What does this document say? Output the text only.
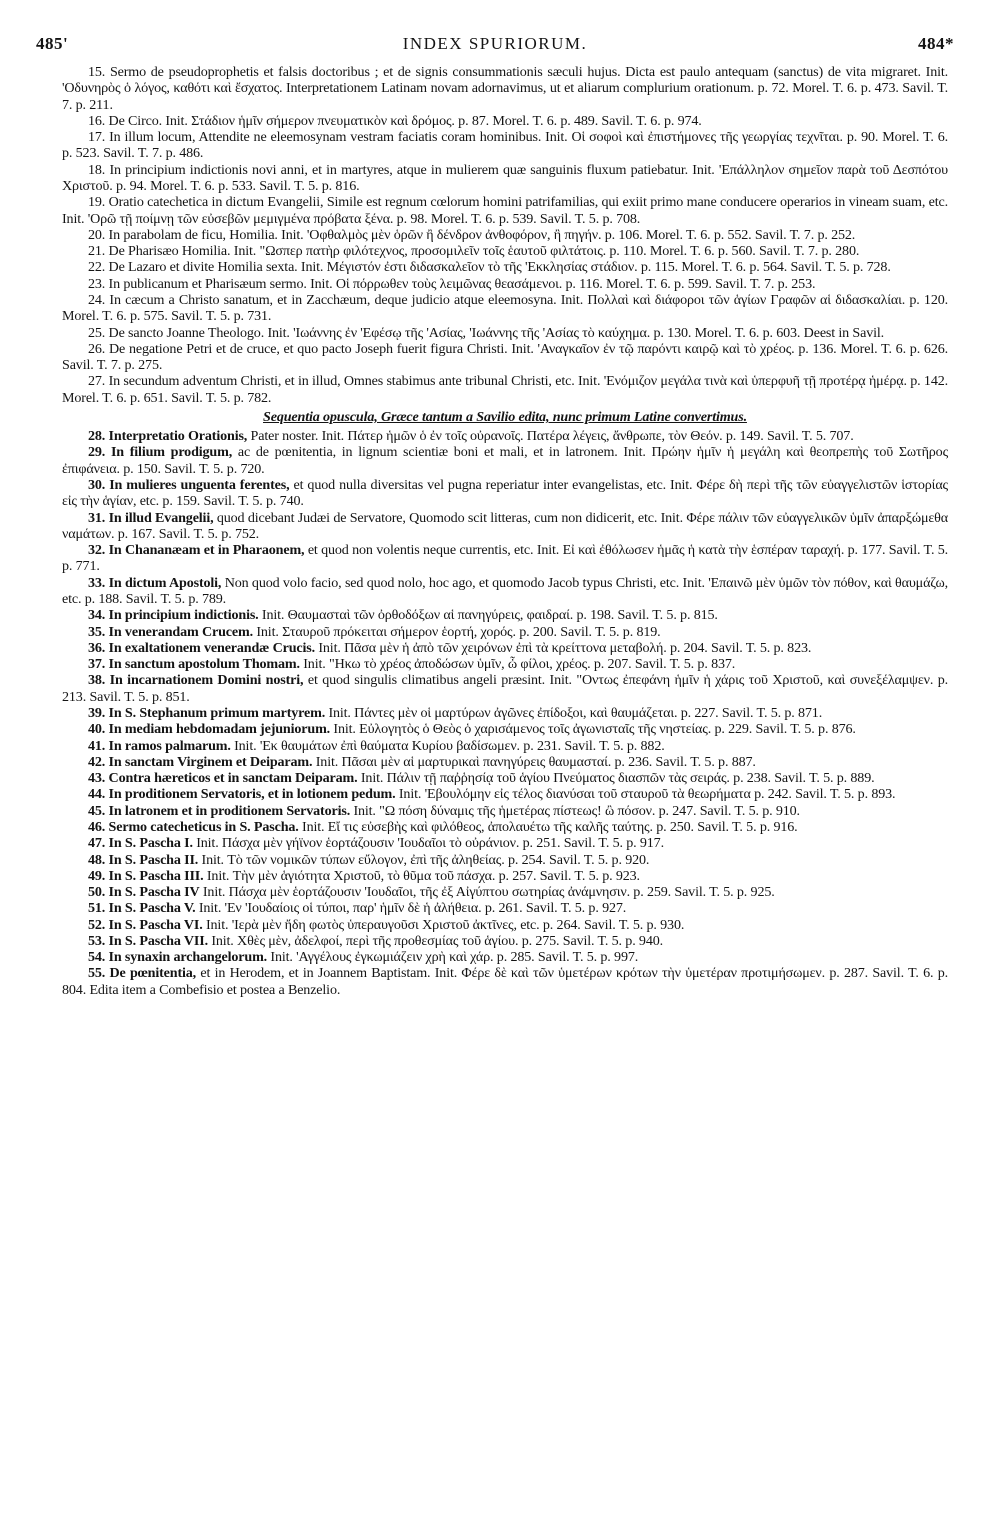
485'	INDEX SPURIORUM.	484*

15. Sermo de pseudoprophetis et falsis doctoribus ; et de signis consummationis sæculi hujus. Dicta est paulo antequam (sanctus) de vita migraret. Init. 'Οδυνηρὸς ὁ λόγος, καθότι καὶ ἔσχατος. Interpretationem Latinam novam adornavimus, ut et aliarum complurium orationum. p. 72. Morel. T. 6. p. 473. Savil. T. 7. p. 211.

16. De Circo. Init. Στάδιον ἡμῖν σήμερον πνευματικὸν καὶ δρόμος. p. 87. Morel. T. 6. p. 489. Savil. T. 6. p. 974.

17. In illum locum, Attendite ne eleemosynam vestram faciatis coram hominibus. Init. Οἱ σοφοὶ καὶ ἐπιστήμονες τῆς γεωργίας τεχνῖται. p. 90. Morel. T. 6. p. 523. Savil. T. 7. p. 486.

18. In principium indictionis novi anni, et in martyres, atque in mulierem quæ sanguinis fluxum patiebatur. Init. 'Επάλληλον σημεῖον παρὰ τοῦ Δεσπότου Χριστοῦ. p. 94. Morel. T. 6. p. 533. Savil. T. 5. p. 816.

19. Oratio catechetica in dictum Evangelii, Simile est regnum cœlorum homini patrifamilias, qui exiit primo mane conducere operarios in vineam suam, etc. Init. 'Ορῶ τῇ ποίμνῃ τῶν εὐσεβῶν μεμιγμένα πρόβατα ξένα. p. 98. Morel. T. 6. p. 539. Savil. T. 5. p. 708.

20. In parabolam de ficu, Homilia. Init. 'Οφθαλμὸς μὲν ὁρῶν ἢ δένδρον ἀνθοφόρον, ἢ πηγήν. p. 106. Morel. T. 6. p. 552. Savil. T. 7. p. 252.

21. De Pharisæo Homilia. Init. "Ωσπερ πατὴρ φιλότεχνος, προσομιλεῖν τοῖς ἑαυτοῦ φιλτάτοις. p. 110. Morel. T. 6. p. 560. Savil. T. 7. p. 280.

22. De Lazaro et divite Homilia sexta. Init. Μέγιστόν ἐστι διδασκαλεῖον τὸ τῆς 'Εκκλησίας στάδιον. p. 115. Morel. T. 6. p. 564. Savil. T. 5. p. 728.

23. In publicanum et Pharisæum sermo. Init. Οἱ πόρρωθεν τοὺς λειμῶνας θεασάμενοι. p. 116. Morel. T. 6. p. 599. Savil. T. 7. p. 253.

24. In cæcum a Christo sanatum, et in Zacchæum, deque judicio atque eleemosyna. Init. Πολλαὶ καὶ διάφοροι τῶν ἁγίων Γραφῶν αἱ διδασκαλίαι. p. 120. Morel. T. 6. p. 575. Savil. T. 5. p. 731.

25. De sancto Joanne Theologo. Init. 'Ιωάννης ἐν 'Εφέσῳ τῆς 'Ασίας, 'Ιωάννης τῆς 'Ασίας τὸ καύχημα. p. 130. Morel. T. 6. p. 603. Deest in Savil.

26. De negatione Petri et de cruce, et quo pacto Joseph fuerit figura Christi. Init. 'Αναγκαῖον ἐν τῷ παρόντι καιρῷ καὶ τὸ χρέος. p. 136. Morel. T. 6. p. 626. Savil. T. 7. p. 275.

27. In secundum adventum Christi, et in illud, Omnes stabimus ante tribunal Christi, etc. Init. 'Ενόμιζον μεγάλα τινὰ καὶ ὑπερφυῆ τῇ προτέρᾳ ἡμέρᾳ. p. 142. Morel. T. 6. p. 651. Savil. T. 5. p. 782.

Sequentia opuscula, Græce tantum a Savilio edita, nunc primum Latine convertimus.

28. Interpretatio Orationis, Pater noster. Init. Πάτερ ἡμῶν ὁ ἐν τοῖς οὐρανοῖς. Πατέρα λέγεις, ἄνθρωπε, τὸν Θεόν. p. 149. Savil. T. 5. 707.

29. In filium prodigum, ac de pœnitentia, in lignum scientiæ boni et mali, et in latronem. Init. Πρώην ἡμῖν ἡ μεγάλη καὶ θεοπρεπὴς τοῦ Σωτῆρος ἐπιφάνεια. p. 150. Savil. T. 5. p. 720.

30. In mulieres unguenta ferentes, et quod nulla diversitas vel pugna reperiatur inter evangelistas, etc. Init. Φέρε δὴ περὶ τῆς τῶν εὐαγγελιστῶν ἱστορίας εἰς τὴν ἁγίαν, etc. p. 159. Savil. T. 5. p. 740.

31. In illud Evangelii, quod dicebant Judæi de Servatore, Quomodo scit litteras, cum non didicerit, etc. Init. Φέρε πάλιν τῶν εὐαγγελικῶν ὑμῖν ἀπαρξώμεθα ναμάτων. p. 167. Savil. T. 5. p. 752.

32. In Chananæam et in Pharaonem, et quod non volentis neque currentis, etc. Init. Εἰ καὶ ἐθόλωσεν ἡμᾶς ἡ κατὰ τὴν ἑσπέραν ταραχή. p. 177. Savil. T. 5. p. 771.

33. In dictum Apostoli, Non quod volo facio, sed quod nolo, hoc ago, et quomodo Jacob typus Christi, etc. Init. 'Επαινῶ μὲν ὑμῶν τὸν πόθον, καὶ θαυμάζω, etc. p. 188. Savil. T. 5. p. 789.

34. In principium indictionis. Init. Θαυμασταὶ τῶν ὀρθοδόξων αἱ πανηγύρεις, φαιδραί. p. 198. Savil. T. 5. p. 815.

35. In venerandam Crucem. Init. Σταυροῦ πρόκειται σήμερον ἑορτή, χορός. p. 200. Savil. T. 5. p. 819.

36. In exaltationem venerandæ Crucis. Init. Πᾶσα μὲν ἡ ἀπὸ τῶν χειρόνων ἐπὶ τὰ κρείττονα μεταβολή. p. 204. Savil. T. 5. p. 823.

37. In sanctum apostolum Thomam. Init. "Ηκω τὸ χρέος ἀποδώσων ὑμῖν, ὦ φίλοι, χρέος. p. 207. Savil. T. 5. p. 837.

38. In incarnationem Domini nostri, et quod singulis climatibus angeli præsint. Init. "Οντως ἐπεφάνη ἡμῖν ἡ χάρις τοῦ Χριστοῦ, καὶ συνεξέλαμψεν. p. 213. Savil. T. 5. p. 851.

39. In S. Stephanum primum martyrem. Init. Πάντες μὲν οἱ μαρτύρων ἀγῶνες ἐπίδοξοι, καὶ θαυμάζεται. p. 227. Savil. T. 5. p. 871.

40. In mediam hebdomadam jejuniorum. Init. Εὐλογητὸς ὁ Θεὸς ὁ χαρισάμενος τοῖς ἀγωνισταῖς τῆς νηστείας. p. 229. Savil. T. 5. p. 876.

41. In ramos palmarum. Init. 'Εκ θαυμάτων ἐπὶ θαύματα Κυρίου βαδίσωμεν. p. 231. Savil. T. 5. p. 882.

42. In sanctam Virginem et Deiparam. Init. Πᾶσαι μὲν αἱ μαρτυρικαὶ πανηγύρεις θαυμασταί. p. 236. Savil. T. 5. p. 887.

43. Contra hæreticos et in sanctam Deiparam. Init. Πάλιν τῇ παῤῥησίᾳ τοῦ ἁγίου Πνεύματος διασπῶν τὰς σειράς. p. 238. Savil. T. 5. p. 889.

44. In proditionem Servatoris, et in lotionem pedum. Init. 'Εβουλόμην εἰς τέλος διανύσαι τοῦ σταυροῦ τὰ θεωρήματα p. 242. Savil. T. 5. p. 893.

45. In latronem et in proditionem Servatoris. Init. "Ω πόση δύναμις τῆς ἡμετέρας πίστεως! ὢ πόσον. p. 247. Savil. T. 5. p. 910.

46. Sermo catecheticus in S. Pascha. Init. Εἴ τις εὐσεβὴς καὶ φιλόθεος, ἀπολαυέτω τῆς καλῆς ταύτης. p. 250. Savil. T. 5. p. 916.

47. In S. Pascha I. Init. Πάσχα μὲν γήϊνον ἑορτάζουσιν 'Ιουδαῖοι τὸ οὐράνιον. p. 251. Savil. T. 5. p. 917.

48. In S. Pascha II. Init. Τὸ τῶν νομικῶν τύπων εὔλογον, ἐπὶ τῆς ἀληθείας. p. 254. Savil. T. 5. p. 920.

49. In S. Pascha III. Init. Τὴν μὲν ἁγιότητα Χριστοῦ, τὸ θῦμα τοῦ πάσχα. p. 257. Savil. T. 5. p. 923.

50. In S. Pascha IV Init. Πάσχα μὲν ἑορτάζουσιν 'Ιουδαῖοι, τῆς ἐξ Αἰγύπτου σωτηρίας ἀνάμνησιν. p. 259. Savil. T. 5. p. 925.

51. In S. Pascha V. Init. 'Εν 'Ιουδαίοις οἱ τύποι, παρ' ἡμῖν δὲ ἡ ἀλήθεια. p. 261. Savil. T. 5. p. 927.

52. In S. Pascha VI. Init. 'Ιερὰ μὲν ἤδη φωτὸς ὑπεραυγοῦσι Χριστοῦ ἀκτῖνες, etc. p. 264. Savil. T. 5. p. 930.

53. In S. Pascha VII. Init. Χθὲς μὲν, ἀδελφοί, περὶ τῆς προθεσμίας τοῦ ἁγίου. p. 275. Savil. T. 5. p. 940.

54. In synaxin archangelorum. Init. 'Αγγέλους ἐγκωμιάζειν χρὴ καὶ χάρ. p. 285. Savil. T. 5. p. 997.

55. De pœnitentia, et in Herodem, et in Joannem Baptistam. Init. Φέρε δὲ καὶ τῶν ὑμετέρων κρότων τὴν ὑμετέραν προτιμήσωμεν. p. 287. Savil. T. 6. p. 804. Edita item a Combefisio et postea a Benzelio.
